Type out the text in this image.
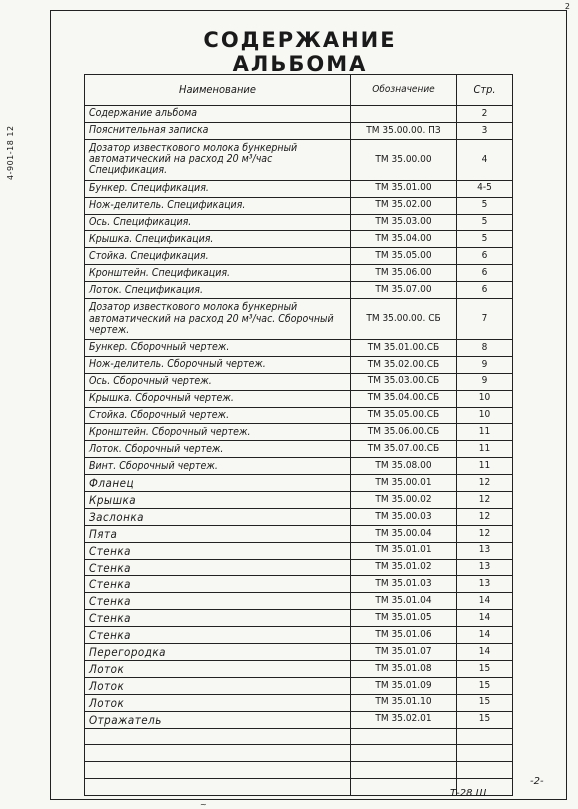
2
4-901-18 12
СОДЕРЖАНИЕ АЛЬБОМА
Наименование	Обозначение	Стр.
Содержание альбома		2
Пояснительная записка	ТМ 35.00.00. ПЗ	3
Дозатор известкового молока бункерный автоматический на расход 20 м³/час Спецификация.	ТМ 35.00.00	4
Бункер. Спецификация.	ТМ 35.01.00	4-5
Нож-делитель. Спецификация.	ТМ 35.02.00	5
Ось. Спецификация.	ТМ 35.03.00	5
Крышка. Спецификация.	ТМ 35.04.00	5
Стойка. Спецификация.	ТМ 35.05.00	6
Кронштейн. Спецификация.	ТМ 35.06.00	6
Лоток. Спецификация.	ТМ 35.07.00	6
Дозатор известкового молока бункерный автоматический на расход 20 м³/час. Сборочный чертеж.	ТМ 35.00.00. СБ	7
Бункер. Сборочный чертеж.	ТМ 35.01.00.СБ	8
Нож-делитель. Сборочный чертеж.	ТМ 35.02.00.СБ	9
Ось. Сборочный чертеж.	ТМ 35.03.00.СБ	9
Крышка. Сборочный чертеж.	ТМ 35.04.00.СБ	10
Стойка. Сборочный чертеж.	ТМ 35.05.00.СБ	10
Кронштейн. Сборочный чертеж.	ТМ 35.06.00.СБ	11
Лоток. Сборочный чертеж.	ТМ 35.07.00.СБ	11
Винт. Сборочный чертеж.	ТМ 35.08.00	11
Фланец	ТМ 35.00.01	12
Крышка	ТМ 35.00.02	12
Заслонка	ТМ 35.00.03	12
Пята	ТМ 35.00.04	12
Стенка	ТМ 35.01.01	13
Стенка	ТМ 35.01.02	13
Стенка	ТМ 35.01.03	13
Стенка	ТМ 35.01.04	14
Стенка	ТМ 35.01.05	14
Стенка	ТМ 35.01.06	14
Перегородка	ТМ 35.01.07	14
Лоток	ТМ 35.01.08	15
Лоток	ТМ 35.01.09	15
Лоток	ТМ 35.01.10	15
Отражатель	ТМ 35.02.01	15

Т-28 Ш
-2-
~
